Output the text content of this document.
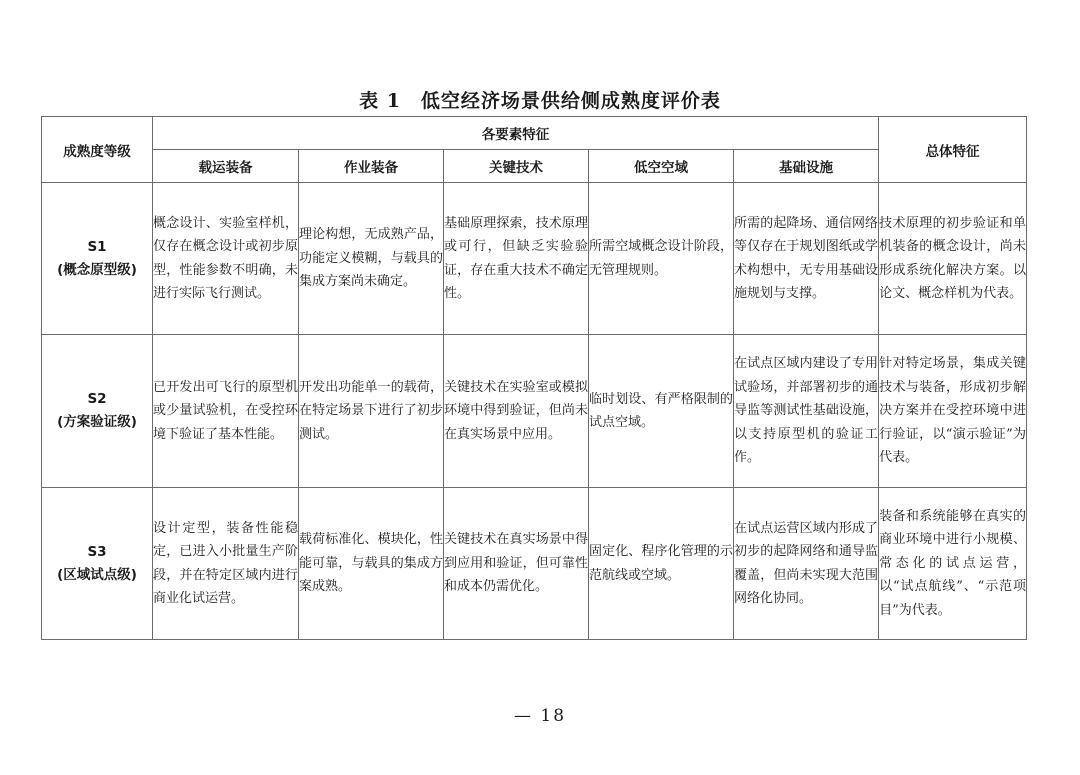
表 1　低空经济场景供给侧成熟度评价表
成熟度等级	各要素特征					总体特征
	载运装备	作业装备	关键技术	低空空域	基础设施	

S1
(概念原型级)	概念设计、实验室样机，仅存在概念设计或初步原型，性能参数不明确，未进行实际飞行测试。	理论构想，无成熟产品，功能定义模糊，与载具的集成方案尚未确定。	基础原理探索，技术原理或可行，但缺乏实验验证，存在重大技术不确定性。	所需空域概念设计阶段，无管理规则。	所需的起降场、通信网络等仅存在于规划图纸或学术构想中，无专用基础设施规划与支撑。	技术原理的初步验证和单机装备的概念设计，尚未形成系统化解决方案。以论文、概念样机为代表。

S2
(方案验证级)	已开发出可飞行的原型机或少量试验机，在受控环境下验证了基本性能。	开发出功能单一的载荷，在特定场景下进行了初步测试。	关键技术在实验室或模拟环境中得到验证，但尚未在真实场景中应用。	临时划设、有严格限制的试点空域。	在试点区域内建设了专用试验场，并部署初步的通导监等测试性基础设施，以支持原型机的验证工作。	针对特定场景，集成关键技术与装备，形成初步解决方案并在受控环境中进行验证，以“演示验证”为代表。

S3
(区域试点级)	设计定型，装备性能稳定，已进入小批量生产阶段，并在特定区域内进行商业化试运营。	载荷标准化、模块化，性能可靠，与载具的集成方案成熟。	关键技术在真实场景中得到应用和验证，但可靠性和成本仍需优化。	固定化、程序化管理的示范航线或空域。	在试点运营区域内形成了初步的起降网络和通导监覆盖，但尚未实现大范围网络化协同。	装备和系统能够在真实的商业环境中进行小规模、常态化的试点运营，以“试点航线”、“示范项目”为代表。
— 18
